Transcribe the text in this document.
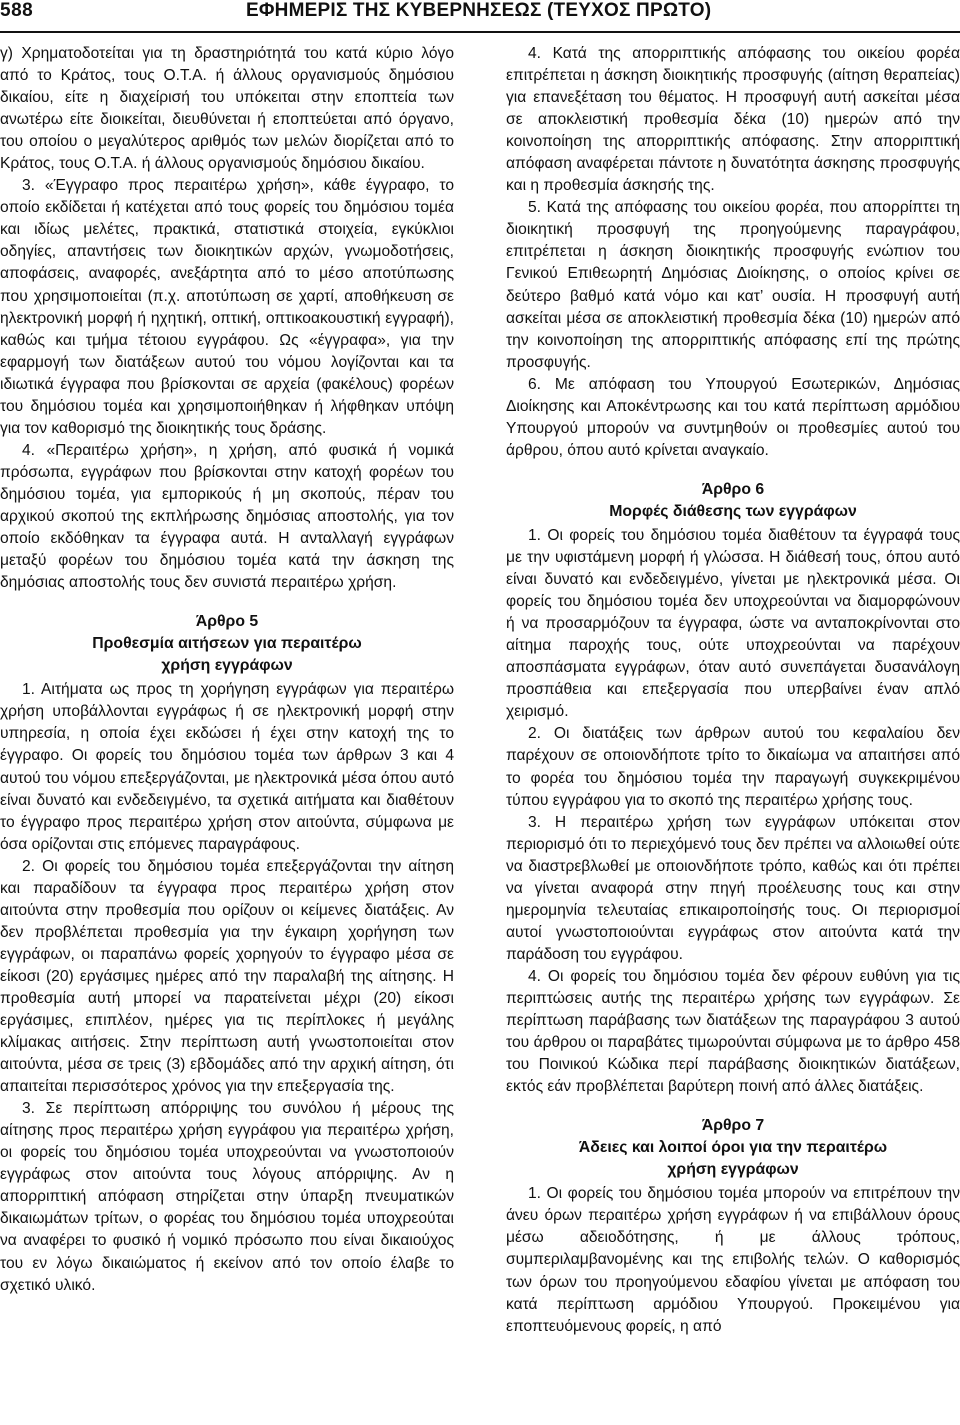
588	ΕΦΗΜΕΡΙΣ ΤΗΣ ΚΥΒΕΡΝΗΣΕΩΣ (ΤΕΥΧΟΣ ΠΡΩΤΟ)

γ) Χρηματοδοτείται για τη δραστηριότητά του κατά κύριο λόγο από το Κράτος, τους Ο.Τ.Α. ή άλλους οργανισμούς δημόσιου δικαίου, είτε η διαχείρισή του υπόκειται στην εποπτεία των ανωτέρω είτε διοικείται, διευθύνεται ή εποπτεύεται από όργανο, του οποίου ο μεγαλύτερος αριθμός των μελών διορίζεται από το Κράτος, τους Ο.Τ.Α. ή άλλους οργανισμούς δημόσιου δικαίου.

3. «Έγγραφο προς περαιτέρω χρήση», κάθε έγγραφο, το οποίο εκδίδεται ή κατέχεται από τους φορείς του δημόσιου τομέα και ιδίως μελέτες, πρακτικά, στατιστικά στοιχεία, εγκύκλιοι οδηγίες, απαντήσεις των διοικητικών αρχών, γνωμοδοτήσεις, αποφάσεις, αναφορές, ανεξάρτητα από το μέσο αποτύπωσης που χρησιμοποιείται (π.χ. αποτύπωση σε χαρτί, αποθήκευση σε ηλεκτρονική μορφή ή ηχητική, οπτική, οπτικοακουστική εγγραφή), καθώς και τμήμα τέτοιου εγγράφου. Ως «έγγραφα», για την εφαρμογή των διατάξεων αυτού του νόμου λογίζονται και τα ιδιωτικά έγγραφα που βρίσκονται σε αρχεία (φακέλους) φορέων του δημόσιου τομέα και χρησιμοποιήθηκαν ή λήφθηκαν υπόψη για τον καθορισμό της διοικητικής τους δράσης.

4. «Περαιτέρω χρήση», η χρήση, από φυσικά ή νομικά πρόσωπα, εγγράφων που βρίσκονται στην κατοχή φορέων του δημόσιου τομέα, για εμπορικούς ή μη σκοπούς, πέραν του αρχικού σκοπού της εκπλήρωσης δημόσιας αποστολής, για τον οποίο εκδόθηκαν τα έγγραφα αυτά. Η ανταλλαγή εγγράφων μεταξύ φορέων του δημόσιου τομέα κατά την άσκηση της δημόσιας αποστολής τους δεν συνιστά περαιτέρω χρήση.

Άρθρο 5
Προθεσμία αιτήσεων για περαιτέρω
χρήση εγγράφων

1. Αιτήματα ως προς τη χορήγηση εγγράφων για περαιτέρω χρήση υποβάλλονται εγγράφως ή σε ηλεκτρονική μορφή στην υπηρεσία, η οποία έχει εκδώσει ή έχει στην κατοχή της το έγγραφο. Οι φορείς του δημόσιου τομέα των άρθρων 3 και 4 αυτού του νόμου επεξεργάζονται, με ηλεκτρονικά μέσα όπου αυτό είναι δυνατό και ενδεδειγμένο, τα σχετικά αιτήματα και διαθέτουν το έγγραφο προς περαιτέρω χρήση στον αιτούντα, σύμφωνα με όσα ορίζονται στις επόμενες παραγράφους.

2. Οι φορείς του δημόσιου τομέα επεξεργάζονται την αίτηση και παραδίδουν τα έγγραφα προς περαιτέρω χρήση στον αιτούντα στην προθεσμία που ορίζουν οι κείμενες διατάξεις. Αν δεν προβλέπεται προθεσμία για την έγκαιρη χορήγηση των εγγράφων, οι παραπάνω φορείς χορηγούν το έγγραφο μέσα σε είκοσι (20) εργάσιμες ημέρες από την παραλαβή της αίτησης. Η προθεσμία αυτή μπορεί να παρατείνεται μέχρι (20) είκοσι εργάσιμες, επιπλέον, ημέρες για τις περίπλοκες ή μεγάλης κλίμακας αιτήσεις. Στην περίπτωση αυτή γνωστοποιείται στον αιτούντα, μέσα σε τρεις (3) εβδομάδες από την αρχική αίτηση, ότι απαιτείται περισσότερος χρόνος για την επεξεργασία της.

3. Σε περίπτωση απόρριψης του συνόλου ή μέρους της αίτησης προς περαιτέρω χρήση εγγράφου για περαιτέρω χρήση, οι φορείς του δημόσιου τομέα υποχρεούνται να γνωστοποιούν εγγράφως στον αιτούντα τους λόγους απόρριψης. Αν η απορριπτική απόφαση στηρίζεται στην ύπαρξη πνευματικών δικαιωμάτων τρίτων, ο φορέας του δημόσιου τομέα υποχρεούται να αναφέρει το φυσικό ή νομικό πρόσωπο που είναι δικαιούχος του εν λόγω δικαιώματος ή εκείνον από τον οποίο έλαβε το σχετικό υλικό.

4. Κατά της απορριπτικής απόφασης του οικείου φορέα επιτρέπεται η άσκηση διοικητικής προσφυγής (αίτηση θεραπείας) για επανεξέταση του θέματος. Η προσφυγή αυτή ασκείται μέσα σε αποκλειστική προθεσμία δέκα (10) ημερών από την κοινοποίηση της απορριπτικής απόφασης. Στην απορριπτική απόφαση αναφέρεται πάντοτε η δυνατότητα άσκησης προσφυγής και η προθεσμία άσκησής της.

5. Κατά της απόφασης του οικείου φορέα, που απορρίπτει τη διοικητική προσφυγή της προηγούμενης παραγράφου, επιτρέπεται η άσκηση διοικητικής προσφυγής ενώπιον του Γενικού Επιθεωρητή Δημόσιας Διοίκησης, ο οποίος κρίνει σε δεύτερο βαθμό κατά νόμο και κατ’ ουσία. Η προσφυγή αυτή ασκείται μέσα σε αποκλειστική προθεσμία δέκα (10) ημερών από την κοινοποίηση της απορριπτικής απόφασης επί της πρώτης προσφυγής.

6. Με απόφαση του Υπουργού Εσωτερικών, Δημόσιας Διοίκησης και Αποκέντρωσης και του κατά περίπτωση αρμόδιου Υπουργού μπορούν να συντμηθούν οι προθεσμίες αυτού του άρθρου, όπου αυτό κρίνεται αναγκαίο.

Άρθρο 6
Μορφές διάθεσης των εγγράφων

1. Οι φορείς του δημόσιου τομέα διαθέτουν τα έγγραφά τους με την υφιστάμενη μορφή ή γλώσσα. Η διάθεσή τους, όπου αυτό είναι δυνατό και ενδεδειγμένο, γίνεται με ηλεκτρονικά μέσα. Οι φορείς του δημόσιου τομέα δεν υποχρεούνται να διαμορφώνουν ή να προσαρμόζουν τα έγγραφα, ώστε να ανταποκρίνονται στο αίτημα παροχής τους, ούτε υποχρεούνται να παρέχουν αποσπάσματα εγγράφων, όταν αυτό συνεπάγεται δυσανάλογη προσπάθεια και επεξεργασία που υπερβαίνει έναν απλό χειρισμό.

2. Οι διατάξεις των άρθρων αυτού του κεφαλαίου δεν παρέχουν σε οποιονδήποτε τρίτο το δικαίωμα να απαιτήσει από το φορέα του δημόσιου τομέα την παραγωγή συγκεκριμένου τύπου εγγράφου για το σκοπό της περαιτέρω χρήσης τους.

3. Η περαιτέρω χρήση των εγγράφων υπόκειται στον περιορισμό ότι το περιεχόμενό τους δεν πρέπει να αλλοιωθεί ούτε να διαστρεβλωθεί με οποιονδήποτε τρόπο, καθώς και ότι πρέπει να γίνεται αναφορά στην πηγή προέλευσης τους και στην ημερομηνία τελευταίας επικαιροποίησής τους. Οι περιορισμοί αυτοί γνωστοποιούνται εγγράφως στον αιτούντα κατά την παράδοση του εγγράφου.

4. Οι φορείς του δημόσιου τομέα δεν φέρουν ευθύνη για τις περιπτώσεις αυτής της περαιτέρω χρήσης των εγγράφων. Σε περίπτωση παράβασης των διατάξεων της παραγράφου 3 αυτού του άρθρου οι παραβάτες τιμωρούνται σύμφωνα με το άρθρο 458 του Ποινικού Κώδικα περί παράβασης διοικητικών διατάξεων, εκτός εάν προβλέπεται βαρύτερη ποινή από άλλες διατάξεις.

Άρθρο 7
Άδειες και λοιποί όροι για την περαιτέρω
χρήση εγγράφων

1. Οι φορείς του δημόσιου τομέα μπορούν να επιτρέπουν την άνευ όρων περαιτέρω χρήση εγγράφων ή να επιβάλλουν όρους μέσω αδειοδότησης, ή με άλλους τρόπους, συμπεριλαμβανομένης και της επιβολής τελών. Ο καθορισμός των όρων του προηγούμενου εδαφίου γίνεται με απόφαση του κατά περίπτωση αρμόδιου Υπουργού. Προκειμένου για εποπτευόμενους φορείς, η από
